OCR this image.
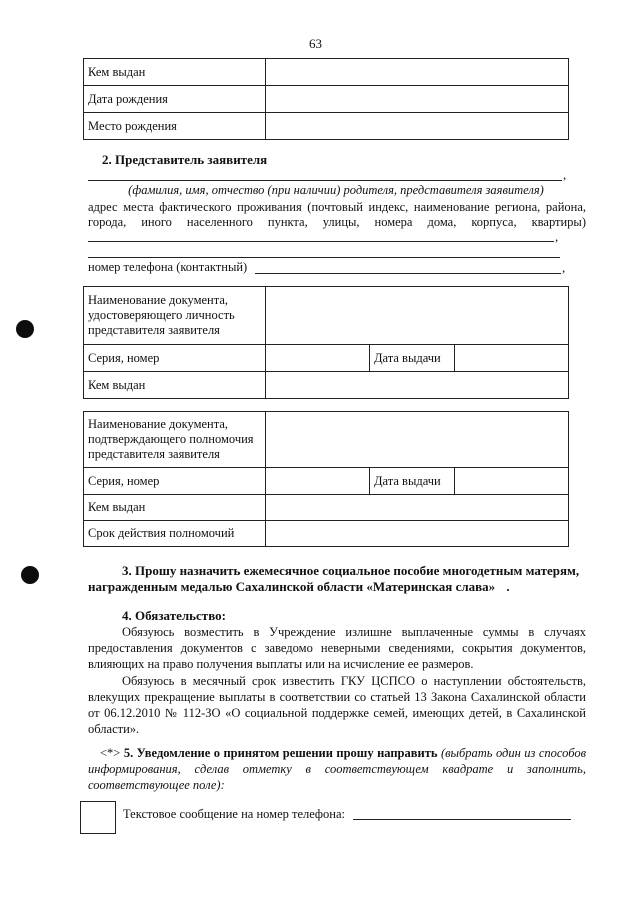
63
Кем выдан	
Дата рождения	
Место рождения	
2. Представитель заявителя
,
(фамилия, имя, отчество (при наличии) родителя, представителя заявителя)
адрес места фактического проживания (почтовый индекс, наименование региона, района,
города, иного населенного пункта, улицы, номера дома, корпуса, квартиры)
,
номер телефона (контактный)	,
Наименование документа, удостоверяющего личность представителя заявителя			
Серия, номер		Дата выдачи	
Кем выдан			
Наименование документа, подтверждающего полномочия представителя заявителя			
Серия, номер		Дата выдачи	
Кем выдан			
Срок действия полномочий			
3. Прошу назначить ежемесячное социальное пособие многодетным матерям,
награжденным медалью Сахалинской области «Материнская слава» .
4. Обязательство:
Обязуюсь возместить в Учреждение излишне выплаченные суммы в случаях предоставления документов с заведомо неверными сведениями, сокрытия документов, влияющих на право получения выплаты или на исчисление ее размеров.
Обязуюсь в месячный срок известить ГКУ ЦСПСО о наступлении обстоятельств, влекущих прекращение выплаты в соответствии со статьей 13 Закона Сахалинской области от 06.12.2010 № 112-ЗО «О социальной поддержке семей, имеющих детей, в Сахалинской области».
<*> 5. Уведомление о принятом решении прошу направить (выбрать один из способов информирования, сделав отметку в соответствующем квадрате и заполнить, соответствующее поле):
Текстовое сообщение на номер телефона:
